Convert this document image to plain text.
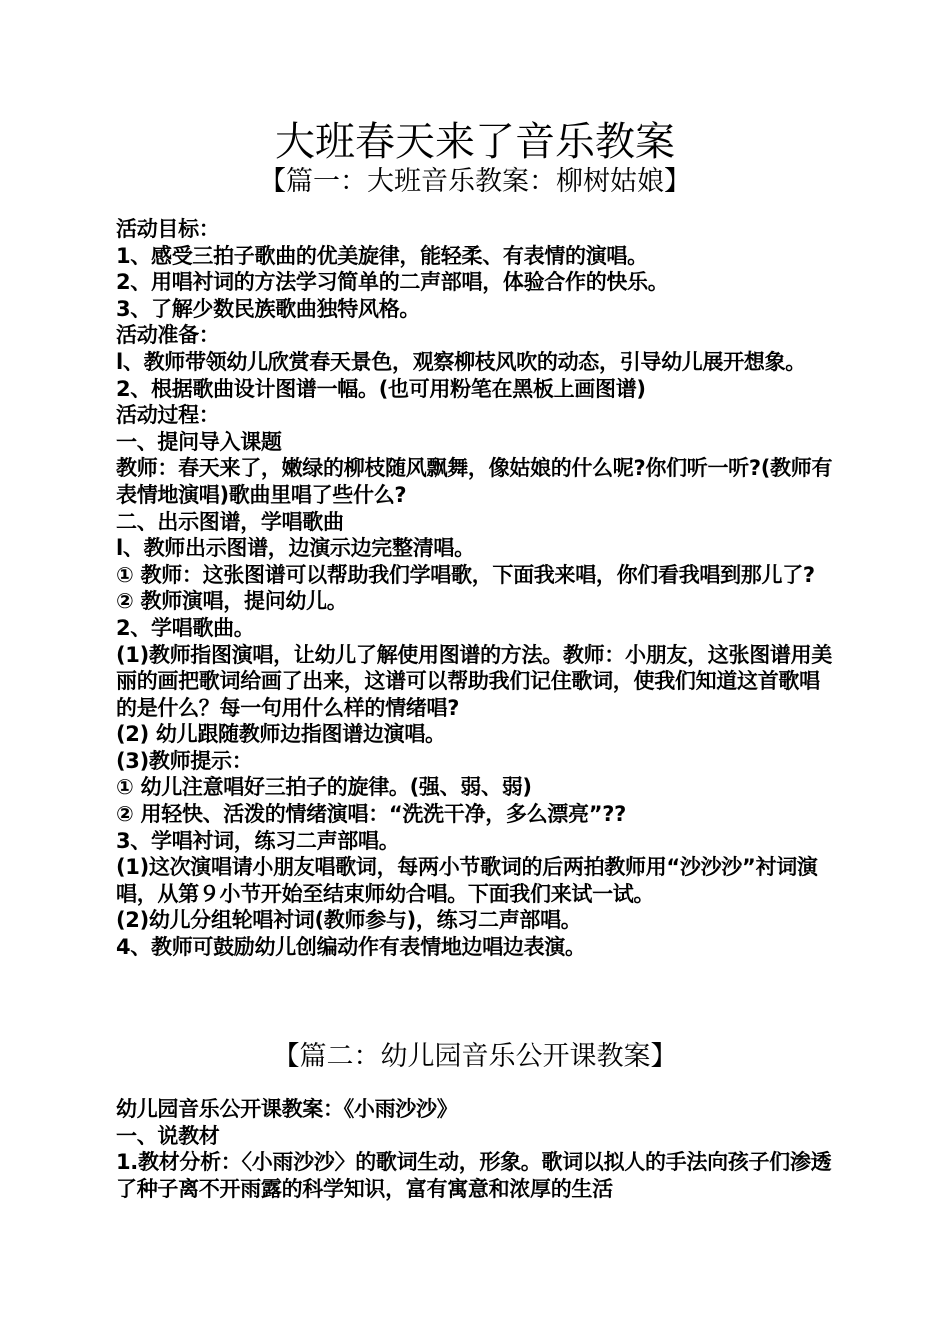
大班春天来了音乐教案
【篇一：大班音乐教案：柳树姑娘】

活动目标：

1、感受三拍子歌曲的优美旋律，能轻柔、有表情的演唱。

2、用唱衬词的方法学习简单的二声部唱，体验合作的快乐。

3、了解少数民族歌曲独特风格。

活动准备：

l、教师带领幼儿欣赏春天景色，观察柳枝风吹的动态，引导幼儿展开想象。

2、根据歌曲设计图谱一幅。(也可用粉笔在黑板上画图谱)

活动过程：

一、提问导入课题

教师：春天来了，嫩绿的柳枝随风飘舞，像姑娘的什么呢?你们听一听?(教师有表情地演唱)歌曲里唱了些什么?

二、出示图谱，学唱歌曲

l、教师出示图谱，边演示边完整清唱。

① 教师：这张图谱可以帮助我们学唱歌，下面我来唱，你们看我唱到那儿了?

② 教师演唱，提问幼儿。

2、学唱歌曲。

(1)教师指图演唱，让幼儿了解使用图谱的方法。教师：小朋友，这张图谱用美丽的画把歌词给画了出来，这谱可以帮助我们记住歌词，使我们知道这首歌唱的是什么？每一句用什么样的情绪唱?

(2) 幼儿跟随教师边指图谱边演唱。

(3)教师提示：

① 幼儿注意唱好三拍子的旋律。(强、弱、弱)

② 用轻快、活泼的情绪演唱：“洗洗干净，多么漂亮”??

3、学唱衬词，练习二声部唱。

(1)这次演唱请小朋友唱歌词，每两小节歌词的后两拍教师用“沙沙沙”衬词演唱，从第９小节开始至结束师幼合唱。下面我们来试一试。

(2)幼儿分组轮唱衬词(教师参与)，练习二声部唱。

4、教师可鼓励幼儿创编动作有表情地边唱边表演。

【篇二：幼儿园音乐公开课教案】

幼儿园音乐公开课教案：《小雨沙沙》

一、说教材

1.教材分析：〈小雨沙沙〉的歌词生动，形象。歌词以拟人的手法向孩子们渗透了种子离不开雨露的科学知识，富有寓意和浓厚的生活
